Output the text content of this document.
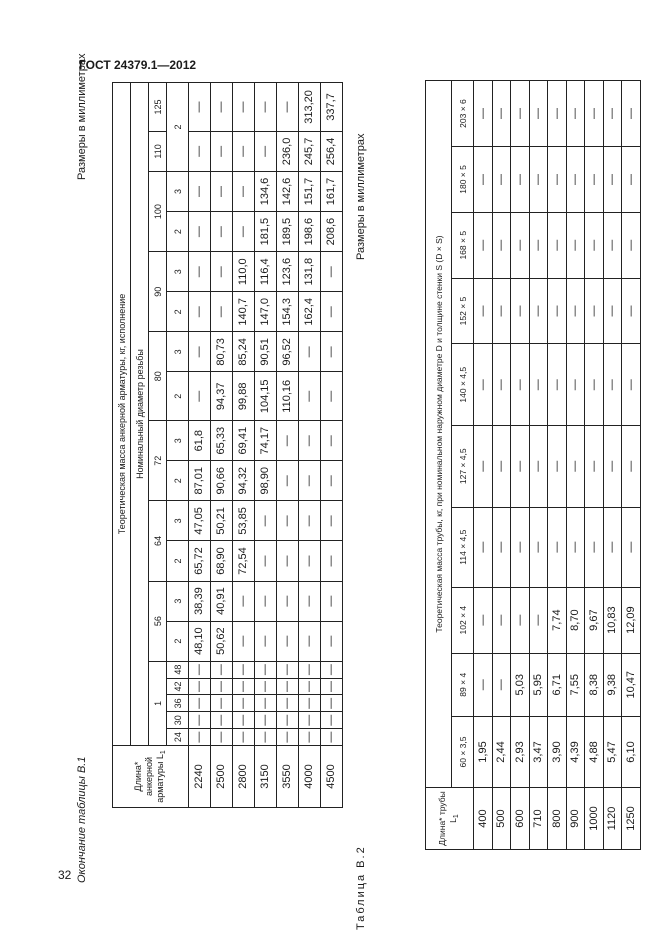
ГОСТ 24379.1—2012
Окончание таблицы В.1
Размеры в миллиметрах
Длина* анкерной арматуры $L_1$	Теоретическая масса анкерной арматуры, кг, исполнение																		
	Номинальный диаметр резьбы																		
	1					56		64		72		80		90		100		110	125
	24	30	36	42	48	2	3	2	3	2	3	2	3	2	3	2	3	2	
2240	—	—	—	—	—	48,10	38,39	65,72	47,05	87,01	61,8	—	—	—	—	—	—	—	—
2500	—	—	—	—	—	50,62	40,91	68,90	50,21	90,66	65,33	94,37	80,73	—	—	—	—	—	—
2800	—	—	—	—	—	—	—	72,54	53,85	94,32	69,41	99,88	85,24	140,7	110,0	—	—	—	—
3150	—	—	—	—	—	—	—	—	—	98,90	74,17	104,15	90,51	147,0	116,4	181,5	134,6	—	—
3550	—	—	—	—	—	—	—	—	—	—	—	110,16	96,52	154,3	123,6	189,5	142,6	236,0	—
4000	—	—	—	—	—	—	—	—	—	—	—	—	—	162,4	131,8	198,6	151,7	245,7	313,20
4500	—	—	—	—	—	—	—	—	—	—	—	—	—	—	—	208,6	161,7	256,4	337,7
Таблица В.2
Размеры в миллиметрах
Длина* трубы $L_1$	Теоретическая масса трубы, кг, при номинальном наружном диаметре D и толщине стенки S (D × S)									
	60 × 3,5	89 × 4	102 × 4	114 × 4,5	127 × 4,5	140 × 4,5	152 × 5	168 × 5	180 × 5	203 × 6
400	1,95	—	—	—	—	—	—	—	—	—
500	2,44	—	—	—	—	—	—	—	—	—
600	2,93	5,03	—	—	—	—	—	—	—	—
710	3,47	5,95	—	—	—	—	—	—	—	—
800	3,90	6,71	7,74	—	—	—	—	—	—	—
900	4,39	7,55	8,70	—	—	—	—	—	—	—
1000	4,88	8,38	9,67	—	—	—	—	—	—	—
1120	5,47	9,38	10,83	—	—	—	—	—	—	—
1250	6,10	10,47	12,09	—	—	—	—	—	—	—
32
